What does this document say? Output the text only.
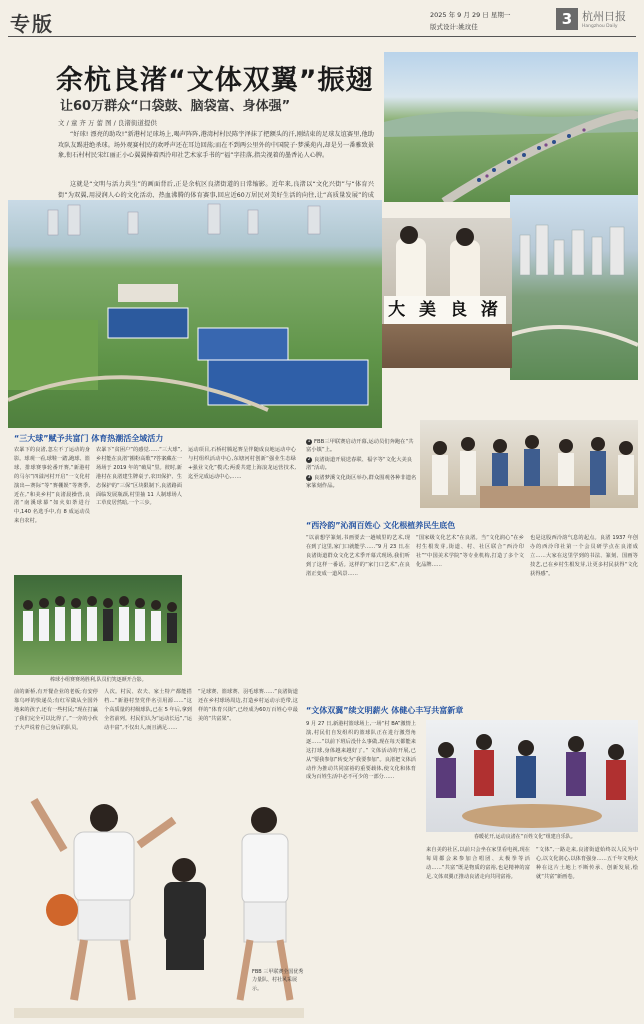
专版	2025 年 9 月 29 日 星期一
版式设计:姚玟佳	3 杭州日报
Hangzhou Daily
余杭良渚“文体双翼”振翅
让60万群众“口袋鼓、脑袋富、身体强”
文 / 童 齐 万 蕾 图 / 良渚街道提供
“好球! 漂亮的助攻!”新港村足球场上,喝声阵阵,港湾村村民陈宇泽抹了把额头的汗,刚结束的足球友谊赛里,他助攻队友踢进绝杀球。场外观赛村民的欢呼声还在耳边回荡;而在不到两公里外的中国院子·梦溪苑内,却是另一番雅致景象,衔石村村民宋红丽正小心翼翼捧着西泠印社艺术家手书的“福”字挂落,指尖视着的墨香沁人心脾。
这就是“文明与活力共生”的画面背后,正是余杭区良渚街道的日常缩影。近年来,良渚以“文化兴街”与“体育兴街”为双翼,用浸润人心的文化活动、热血沸腾的体育赛事,回应近60万居民对美好生活的向往,让“高质量发展”的成
大 美 良 渚
“三大球”赋予共富门 体育热潮活全域活力
农暴下的良渚,忽左不了运动的身影。球观一看,球鞋一踏,跑球、篮球、排球赛事轮番开赛,“新港村的马尔”四溢河村开启“一文化村演出—赛际”等“赛棚娱”等赛季,近在,“和美乡村”良渚晨操营,良渚“南溪球幕”如火如荼进行中,140 名选手中,有 8 成运动员来自农村。
农暴下“贫困户”的感觉……“三大球”,乡村能在良渚“搬粉高歌”?答案藏在一场场于 2019 年的“破局”里。彼时,新港村在良渚建生牌桌子,农田保护、生态保护的“三保”区块限制下,良渚路面面临发展瓶颈,村里抽 11 人制球场人工草皮居然暗,一个三步。
运动项目,石桥村腾起赛呈伴随成良地运动中心与村组织活动中心,东塘河村创新“强业生态绿+强业文化”模式;两委共建上海浪龙运营技术,迄至完成运动中心,……
1 FBB三甲联赛启动开幕,运动员们奔跑在“共富小镇”上。
2 良渚街道开展送春联、福字等“文化大美良渚”活动。
3 良渚梦溪文化街区举办,群众围观各种非遗名家篆刻作品。
棒球小组赛赛场胜利,队员们笑逐颜开合影。
前的新桥,有开餐企业的老板;有安停靠乌呼的快递员;有红军做从全国外地来的孩子,还有一些村民;“现在打赢了我们完全可以比得了。”一旁的小伙子大声说着自己身后的队员。
人次。村民、农夫、家土特产都能搭档…“新港村坚党伴名引用源……”这个高质量的村级球队,已在 5 年后,拿到全省前列。村民们认为“运动长远”,“运动丰富”,不仅出人,而且满足……
“足球赛、篮球赛、羽毛球赛……”良渚街道还在乡村球场周边,打造乡村运动示范带,这样的“体育兴街”,已经成为60万百姓心中最美的“共富果”。
FBB 三甲联赛全国优秀力量队、村社风采展示。
“西泠韵”沁润百姓心 文化根植养民生底色
“以前想学篆刻,书画要去一趟城里的艺术,现在到了这里,家门口就能学……”9 月 23 日,在良渚街道群众文化艺术季开幕式现场,我们听到了这样一番话。这样的“家门口艺术”,在良渚正变成一道风景……
“国家级文化艺术”在良渚。当“文化润心”在乡村生根发芽,街道、村、社区联合“西泠印社”“中国美术学院”等专业机构,打造了多个文化品牌……
也是这股西泠韵气息的起点。良渚 1937 年创办的西泠印社第一个会员研学点在良渚成立……大家在这里学到的书法、篆刻、国画等技艺,已在乡村生根发芽,让更多村民获得“文化获得感”。
“文体双翼”续文明薪火 体健心丰写共富新章
9 月 27 日,新港村篮球场上,一场“村 BA”激情上演,村民们自发组织的篮球队正在进行激烈角逐……“以前下班后没什么事做,现在每天都能来这打球,身体越来越好了。” 文体活动的开展,已从“要我参加”转变为“我要参加”。良渚把文体活动作为推动共同富裕的重要载体,使文化和体育成为百姓生活中必不可少的一部分……
春暖花开,运动良渚在“百姓文化”组建自乐队。
来自美的社区,以前只会坐在家里看电视,现在每周都会来参加合唱团、太极拳等活动……“共富”既是物质的富裕,也是精神的富足,文体双翼正推动良渚走向共同富裕。
“文体”,一路走来,良渚街道始终以人民为中心,以文化润心,以体育强身……五千年文明火种在这片土地上不断传承、创新发展,绘就“共富”新画卷。
